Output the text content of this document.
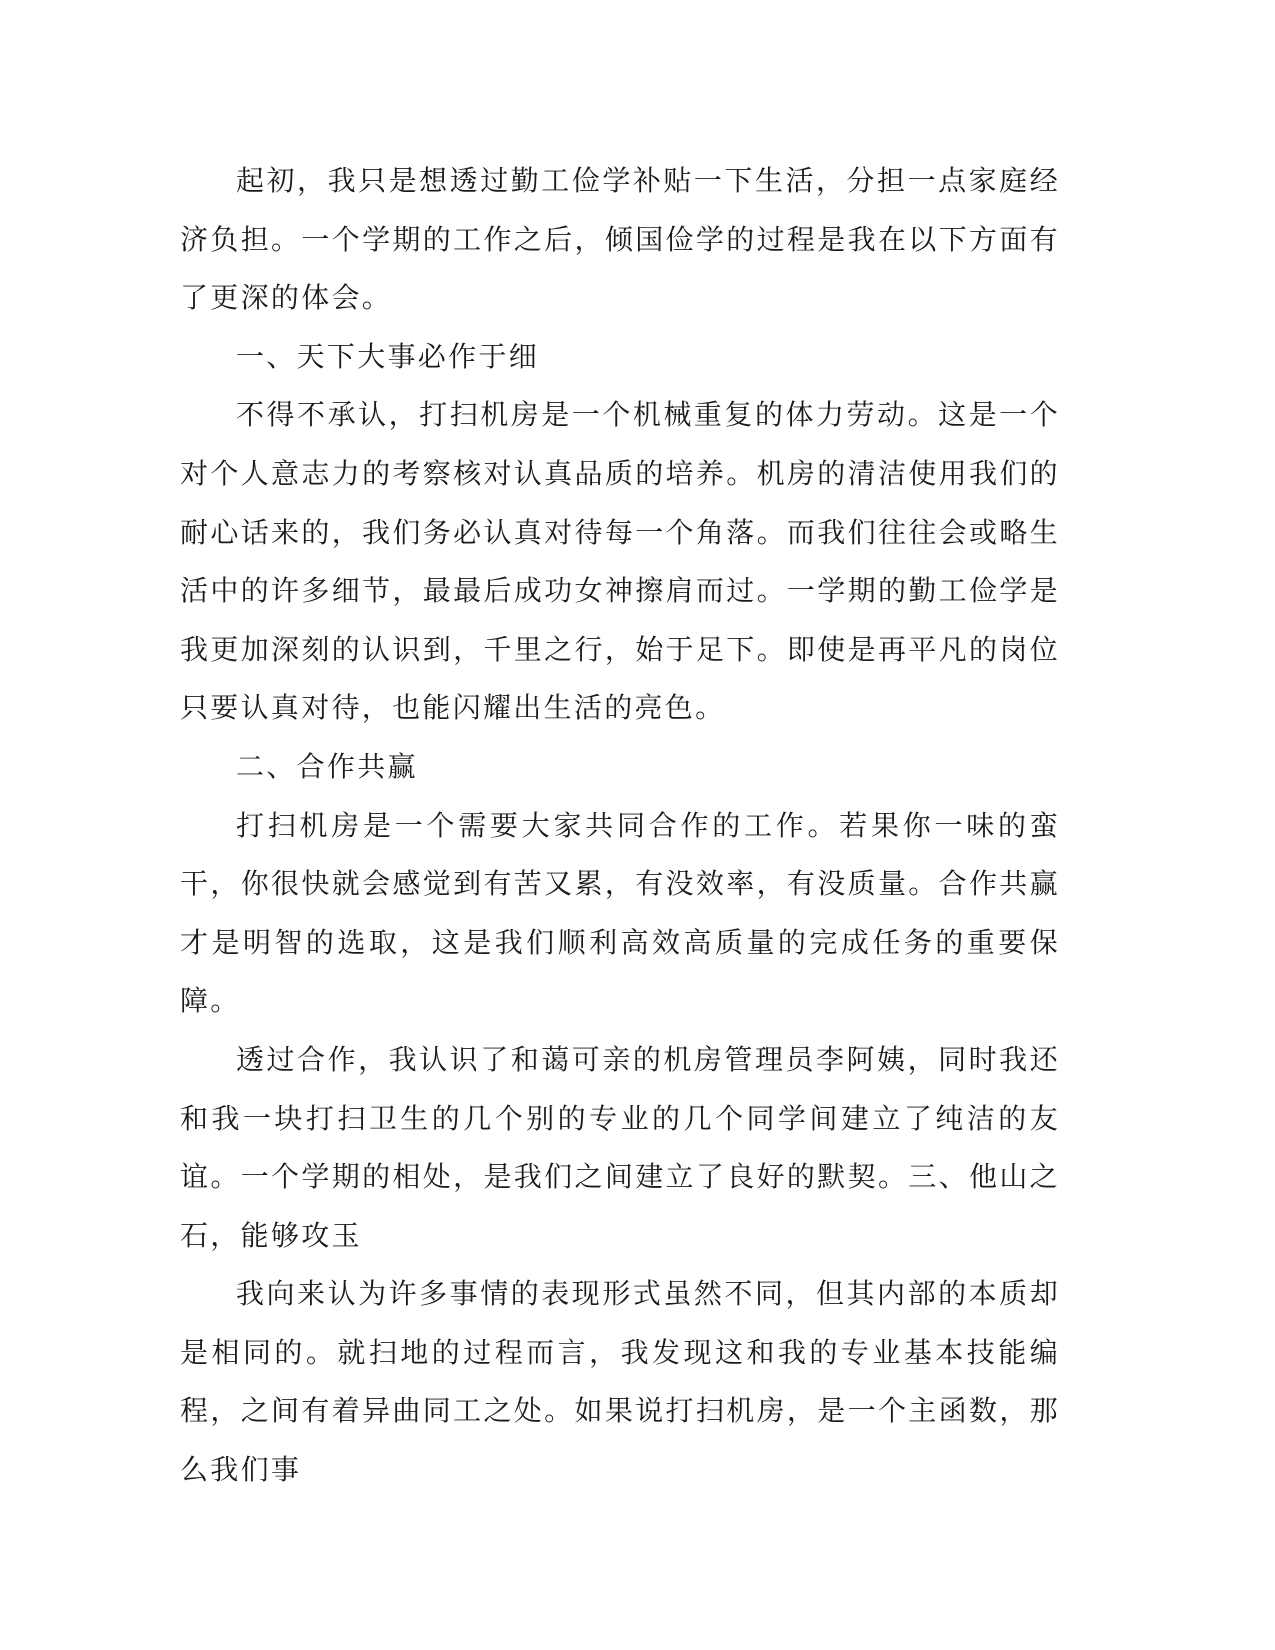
起初，我只是想透过勤工俭学补贴一下生活，分担一点家庭经济负担。一个学期的工作之后，倾国俭学的过程是我在以下方面有了更深的体会。

一、天下大事必作于细

不得不承认，打扫机房是一个机械重复的体力劳动。这是一个对个人意志力的考察核对认真品质的培养。机房的清洁使用我们的耐心话来的，我们务必认真对待每一个角落。而我们往往会或略生活中的许多细节，最最后成功女神擦肩而过。一学期的勤工俭学是我更加深刻的认识到，千里之行，始于足下。即使是再平凡的岗位只要认真对待，也能闪耀出生活的亮色。

二、合作共赢

打扫机房是一个需要大家共同合作的工作。若果你一味的蛮干，你很快就会感觉到有苦又累，有没效率，有没质量。合作共赢才是明智的选取，这是我们顺利高效高质量的完成任务的重要保障。

透过合作，我认识了和蔼可亲的机房管理员李阿姨，同时我还和我一块打扫卫生的几个别的专业的几个同学间建立了纯洁的友谊。一个学期的相处，是我们之间建立了良好的默契。三、他山之石，能够攻玉

我向来认为许多事情的表现形式虽然不同，但其内部的本质却是相同的。就扫地的过程而言，我发现这和我的专业基本技能编程，之间有着异曲同工之处。如果说打扫机房，是一个主函数，那么我们事
